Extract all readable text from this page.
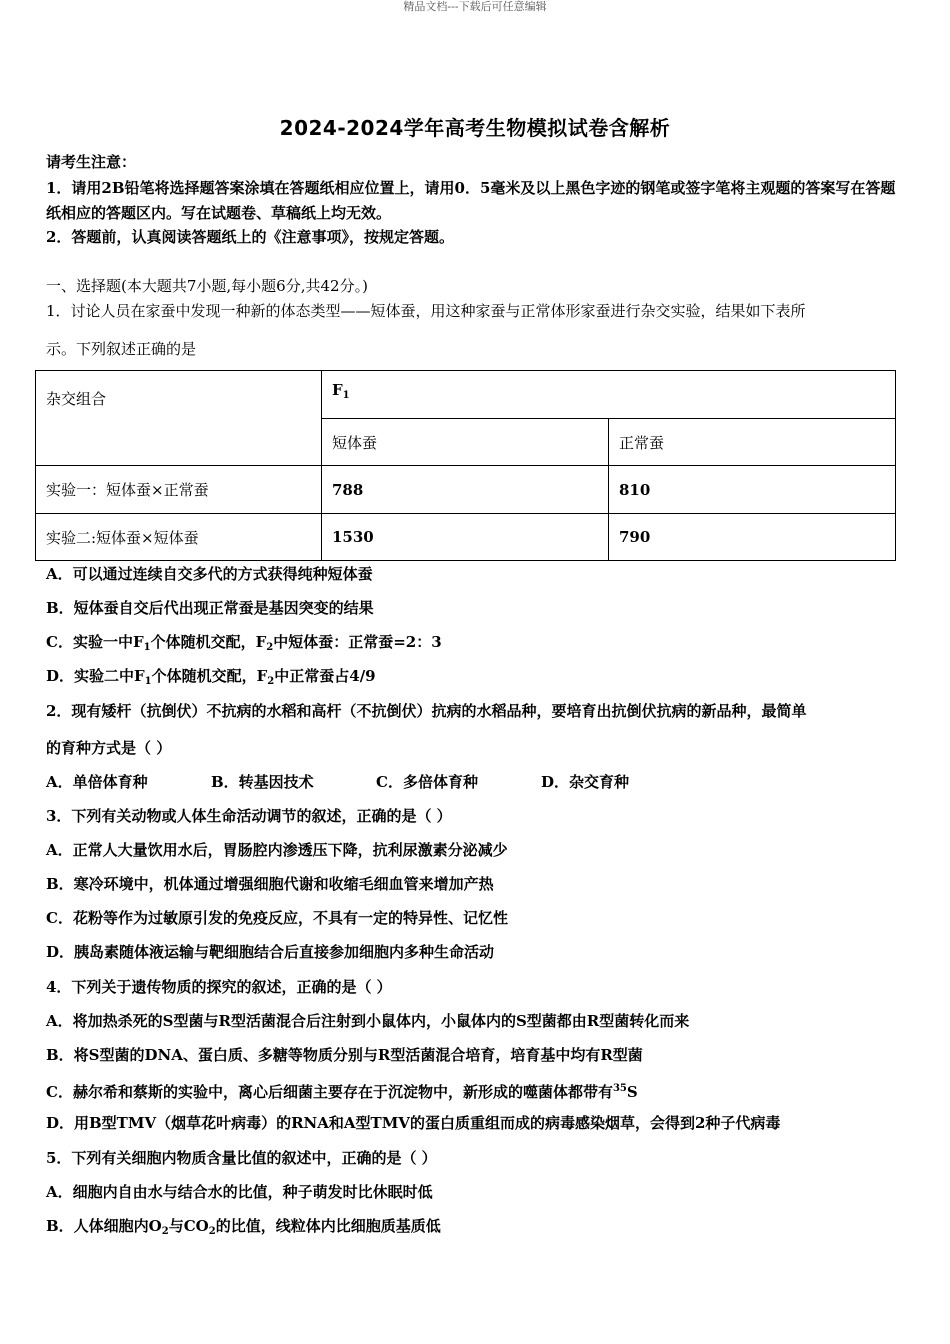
精品文档---下载后可任意编辑
2024-2024学年高考生物模拟试卷含解析
请考生注意：
1．请用2B铅笔将选择题答案涂填在答题纸相应位置上，请用0．5毫米及以上黑色字迹的钢笔或签字笔将主观题的答案写在答题纸相应的答题区内。写在试题卷、草稿纸上均无效。
2．答题前，认真阅读答题纸上的《注意事项》，按规定答题。
一、选择题(本大题共7小题,每小题6分,共42分。)
1．讨论人员在家蚕中发现一种新的体态类型——短体蚕，用这种家蚕与正常体形家蚕进行杂交实验，结果如下表所
示。下列叙述正确的是
杂交组合	$F_1$
	短体蚕	正常蚕
实验一：短体蚕×正常蚕	788	810
实验二:短体蚕×短体蚕	1530	790
A．可以通过连续自交多代的方式获得纯种短体蚕
B．短体蚕自交后代出现正常蚕是基因突变的结果
C．实验一中$F_1$个体随机交配，$F_2$中短体蚕：正常蚕=2：3
D．实验二中$F_1$个体随机交配，$F_2$中正常蚕占4/9
2．现有矮杆（抗倒伏）不抗病的水稻和高杆（不抗倒伏）抗病的水稻品种，要培育出抗倒伏抗病的新品种，最简单
的育种方式是（ ）
A．单倍体育种	B．转基因技术	C．多倍体育种	D．杂交育种
3．下列有关动物或人体生命活动调节的叙述，正确的是（ ）
A．正常人大量饮用水后，胃肠腔内渗透压下降，抗利尿激素分泌减少
B．寒冷环境中，机体通过增强细胞代谢和收缩毛细血管来增加产热
C．花粉等作为过敏原引发的免疫反应，不具有一定的特异性、记忆性
D．胰岛素随体液运输与靶细胞结合后直接参加细胞内多种生命活动
4．下列关于遗传物质的探究的叙述，正确的是（ ）
A．将加热杀死的S型菌与R型活菌混合后注射到小鼠体内，小鼠体内的S型菌都由R型菌转化而来
B．将S型菌的DNA、蛋白质、多糖等物质分别与R型活菌混合培育，培育基中均有R型菌
C．赫尔希和蔡斯的实验中，离心后细菌主要存在于沉淀物中，新形成的噬菌体都带有$^{35}$S
D．用B型TMV（烟草花叶病毒）的RNA和A型TMV的蛋白质重组而成的病毒感染烟草，会得到2种子代病毒
5．下列有关细胞内物质含量比值的叙述中，正确的是（ ）
A．细胞内自由水与结合水的比值，种子萌发时比休眠时低
B．人体细胞内$O_2$与$CO_2$的比值，线粒体内比细胞质基质低
